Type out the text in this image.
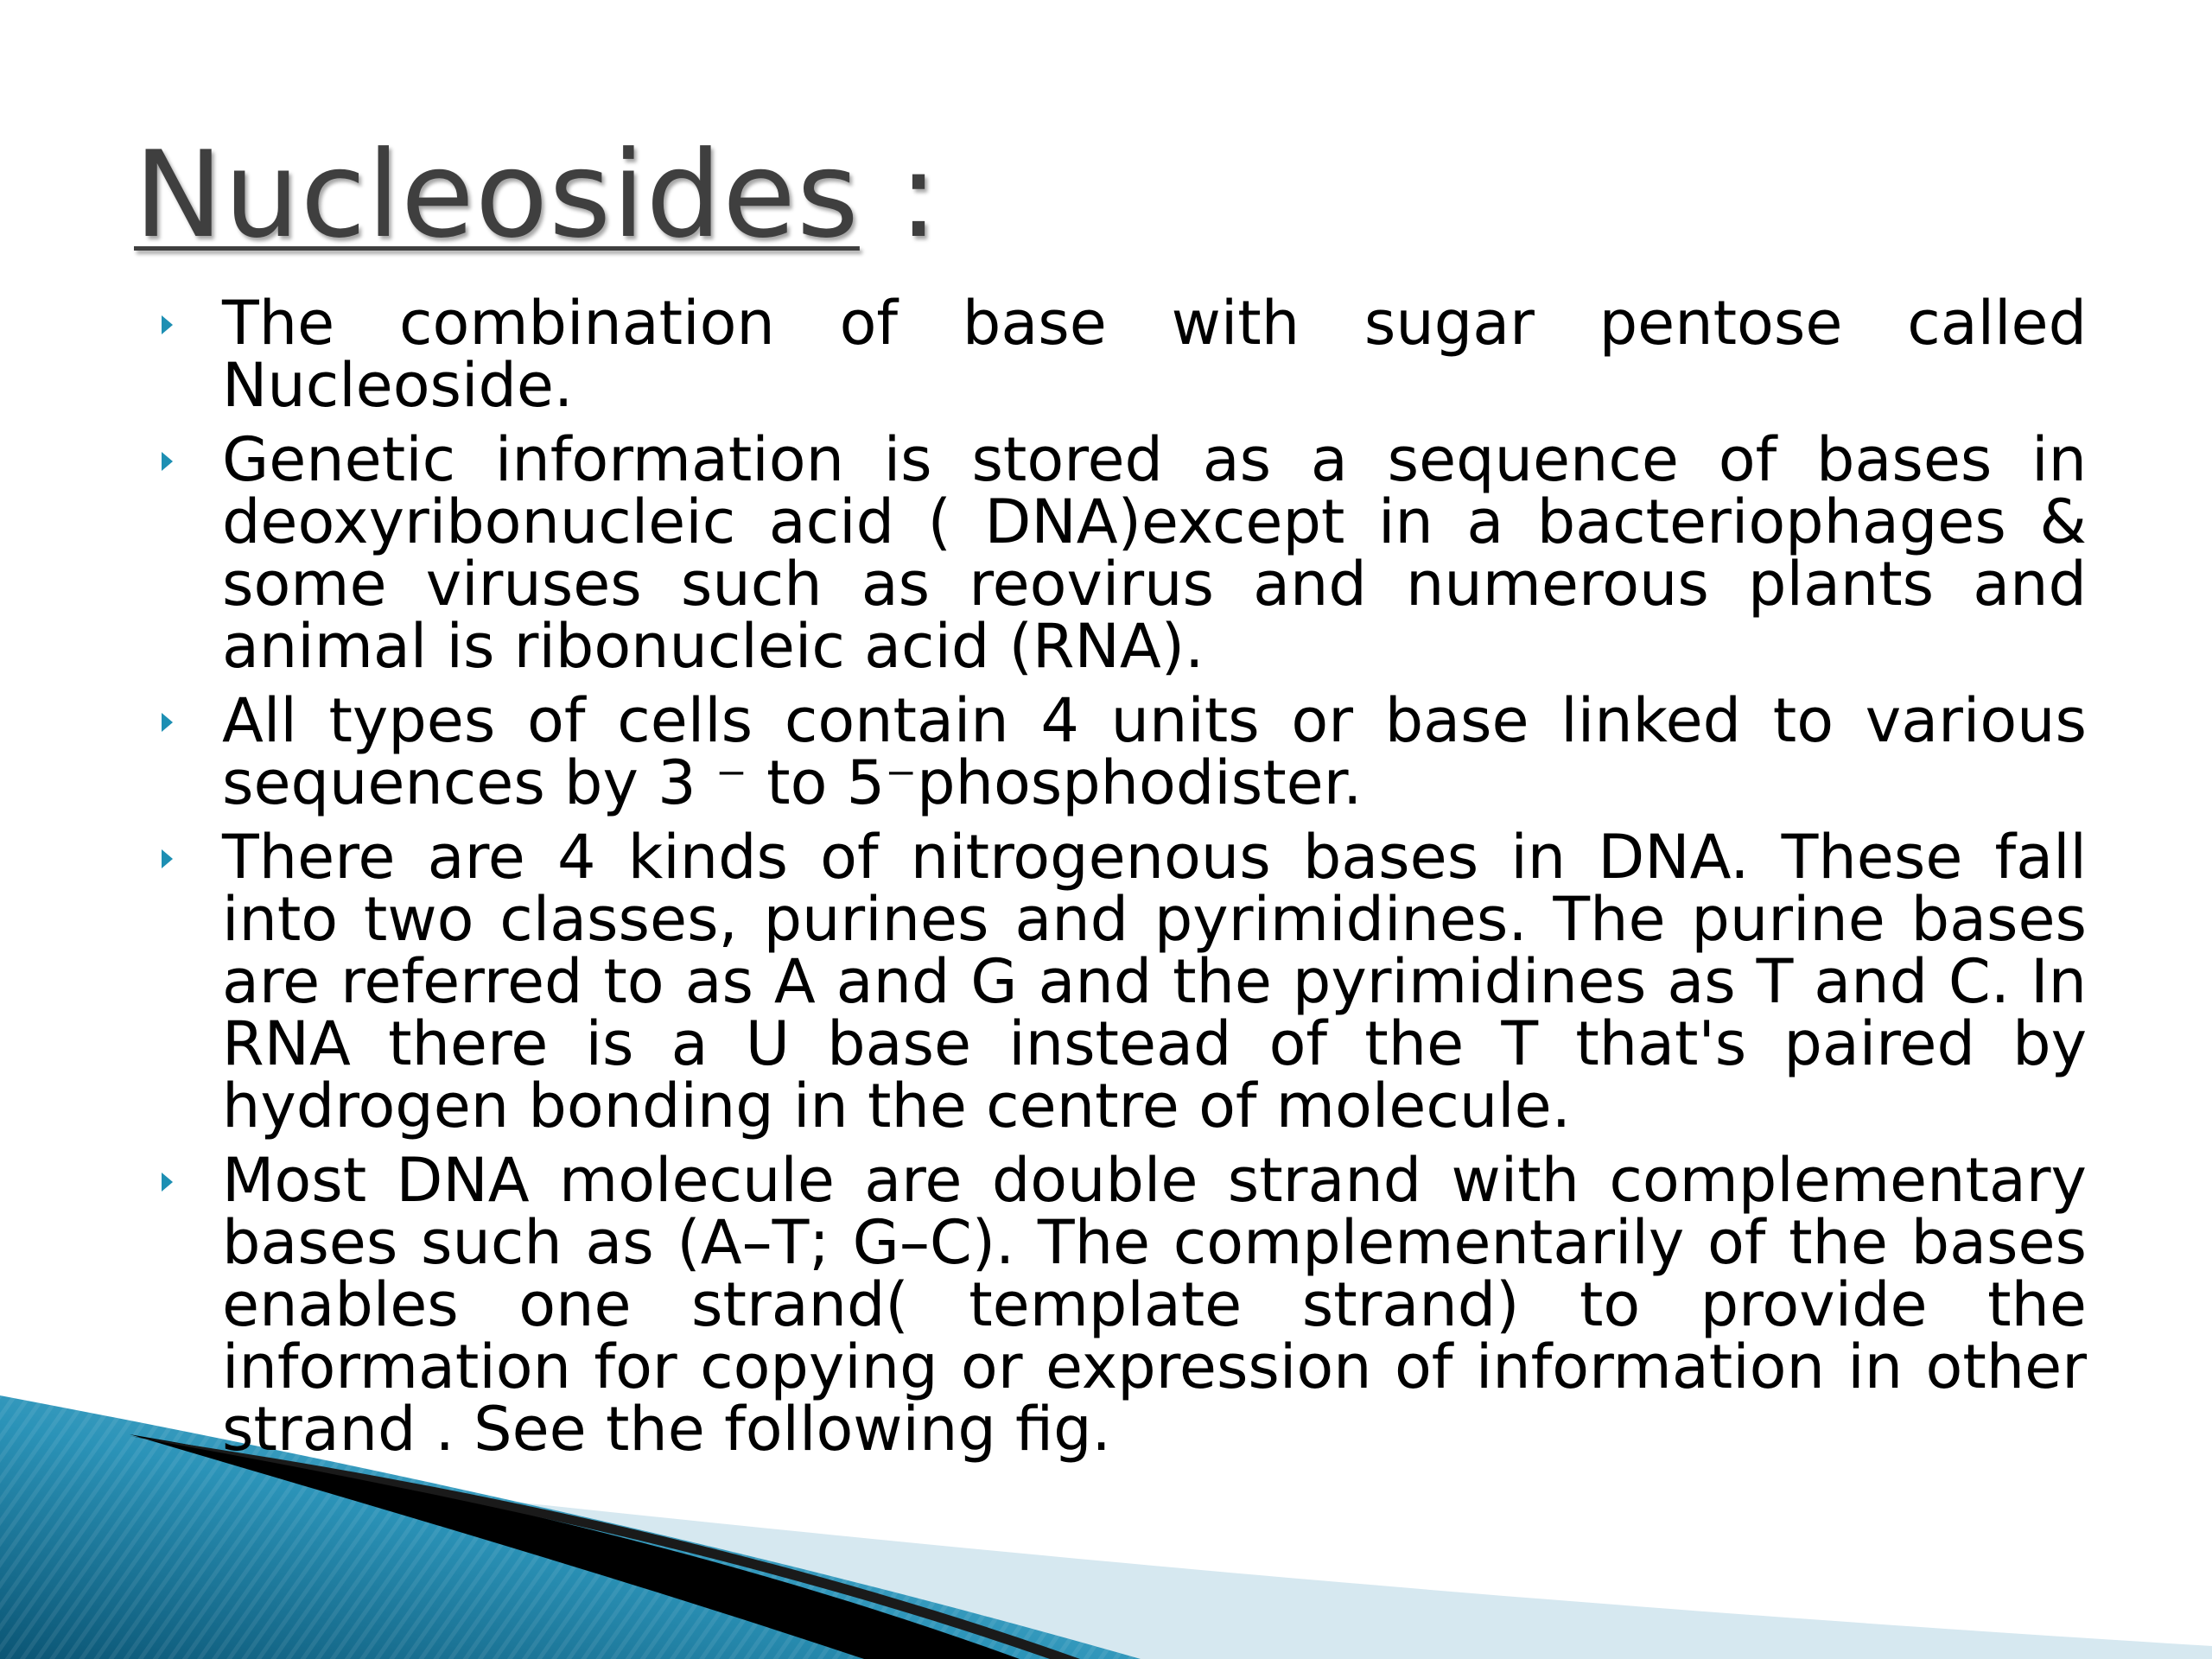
Nucleosides :
The combination of base with sugar pentose called Nucleoside.
Genetic information is stored as a sequence of bases in deoxyribonucleic acid ( DNA)except in a bacteriophages & some viruses such as reovirus and numerous plants and animal is ribonucleic acid (RNA).
All types of cells contain 4 units or base linked to various sequences by 3 ⁻ to 5⁻phosphodister.
There are 4 kinds of nitrogenous bases in DNA. These fall into two classes, purines and pyrimidines. The purine bases are referred to as A and G and the pyrimidines as T and C. In RNA there is a U base instead of the T that's paired by hydrogen bonding in the centre of molecule.
Most DNA molecule are double strand with complementary bases such as (A–T; G–C). The complementarily of the bases enables one strand( template strand) to provide the information for copying or expression of information in other strand . See the following fig.
